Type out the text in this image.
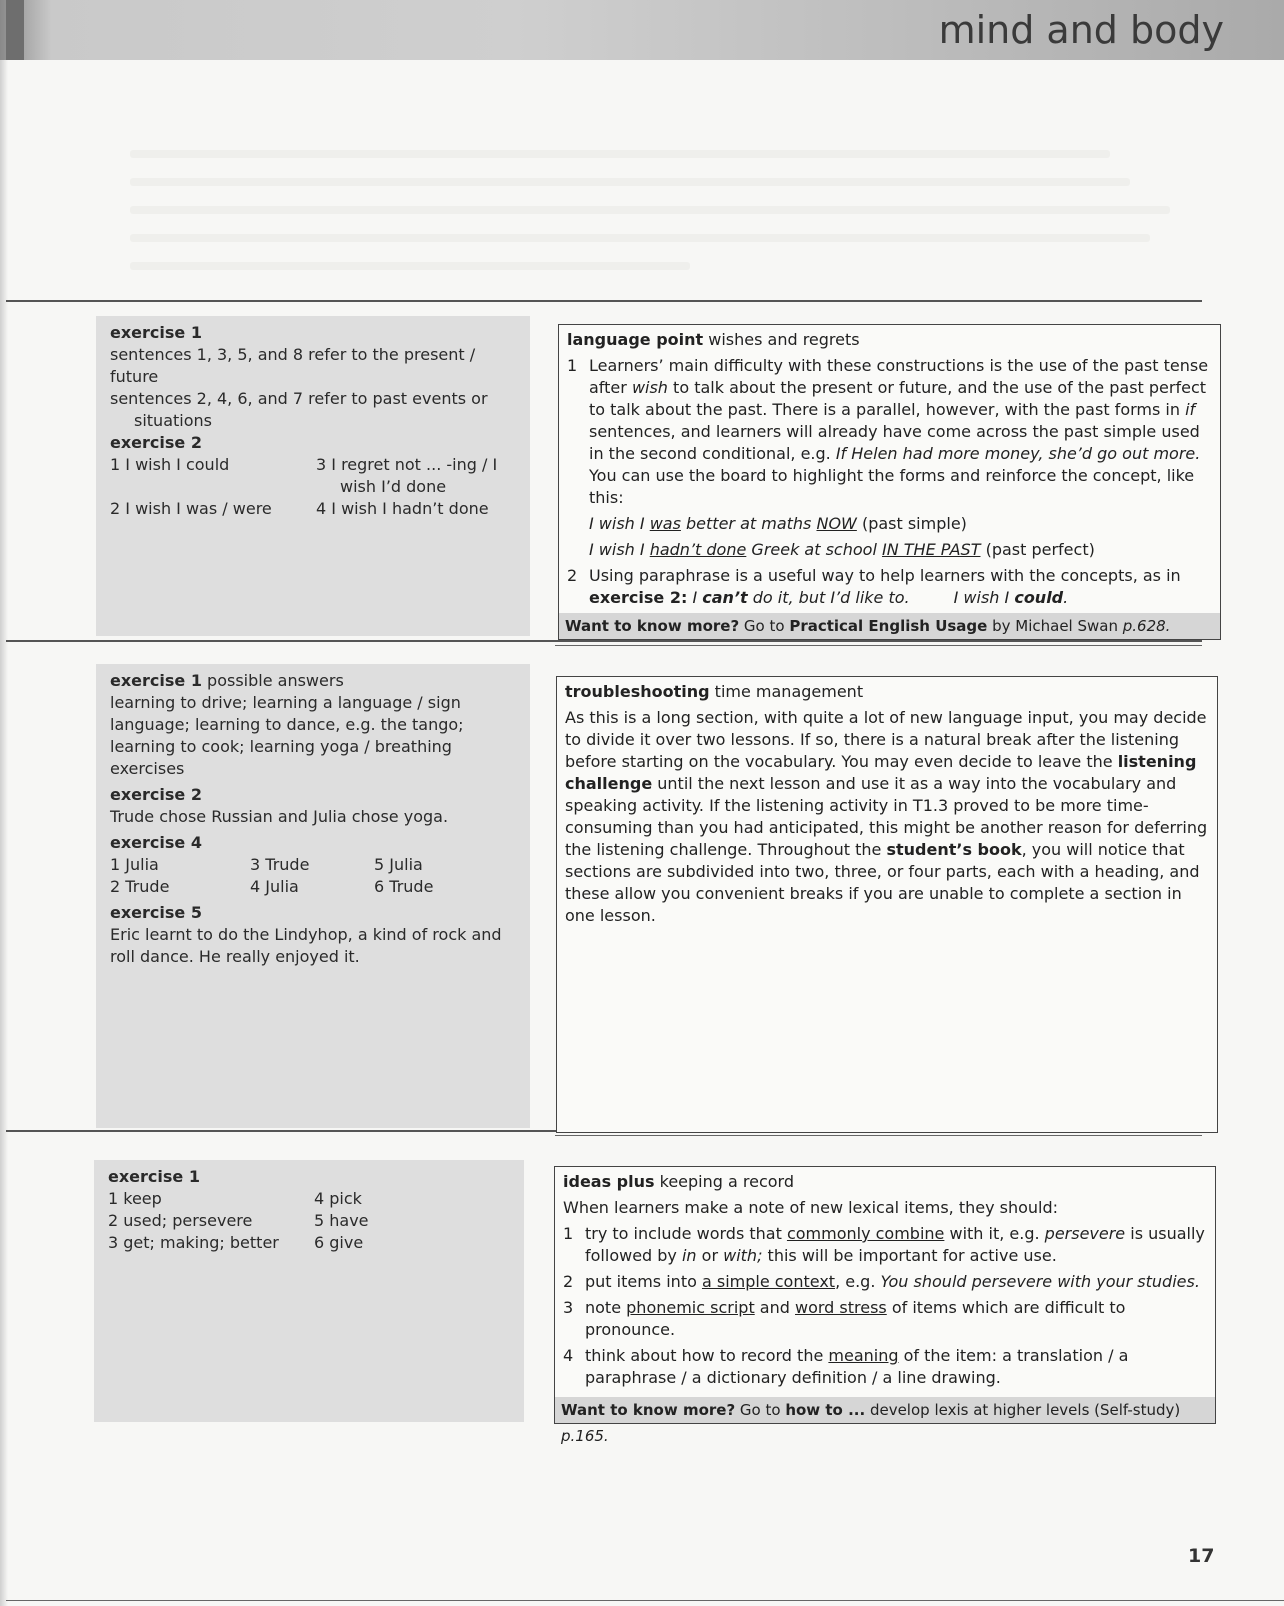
mind and body
exercise 1
sentences 1, 3, 5, and 8 refer to the present / future
sentences 2, 4, 6, and 7 refer to past events or
situations
exercise 2
1 I wish I could	3 I regret not ... -ing / I
wish I’d done
2 I wish I was / were	4 I wish I hadn’t done
language point wishes and regrets
1 Learners’ main difficulty with these constructions is the use of the past tense after wish to talk about the present or future, and the use of the past perfect to talk about the past. There is a parallel, however, with the past forms in if sentences, and learners will already have come across the past simple used in the second conditional, e.g. If Helen had more money, she’d go out more.
You can use the board to highlight the forms and reinforce the concept, like this:
I wish I was better at maths NOW (past simple)
I wish I hadn’t done Greek at school IN THE PAST (past perfect)
2 Using paraphrase is a useful way to help learners with the concepts, as in
exercise 2: I can’t do it, but I’d like to.	I wish I could.
Want to know more? Go to Practical English Usage by Michael Swan p.628.
exercise 1 possible answers
learning to drive; learning a language / sign language; learning to dance, e.g. the tango; learning to cook; learning yoga / breathing exercises
exercise 2
Trude chose Russian and Julia chose yoga.
exercise 4
1 Julia	3 Trude	5 Julia
2 Trude	4 Julia	6 Trude
exercise 5
Eric learnt to do the Lindyhop, a kind of rock and roll dance. He really enjoyed it.
troubleshooting time management
As this is a long section, with quite a lot of new language input, you may decide to divide it over two lessons. If so, there is a natural break after the listening before starting on the vocabulary. You may even decide to leave the listening challenge until the next lesson and use it as a way into the vocabulary and speaking activity. If the listening activity in T1.3 proved to be more time-consuming than you had anticipated, this might be another reason for deferring the listening challenge. Throughout the student’s book, you will notice that sections are subdivided into two, three, or four parts, each with a heading, and these allow you convenient breaks if you are unable to complete a section in one lesson.
exercise 1
1 keep	4 pick
2 used; persevere	5 have
3 get; making; better	6 give
ideas plus keeping a record
When learners make a note of new lexical items, they should:
1 try to include words that commonly combine with it, e.g. persevere is usually followed by in or with; this will be important for active use.
2 put items into a simple context, e.g. You should persevere with your studies.
3 note phonemic script and word stress of items which are difficult to pronounce.
4 think about how to record the meaning of the item: a translation / a paraphrase / a dictionary definition / a line drawing.
Want to know more? Go to how to ... develop lexis at higher levels (Self-study) p.165.
17
